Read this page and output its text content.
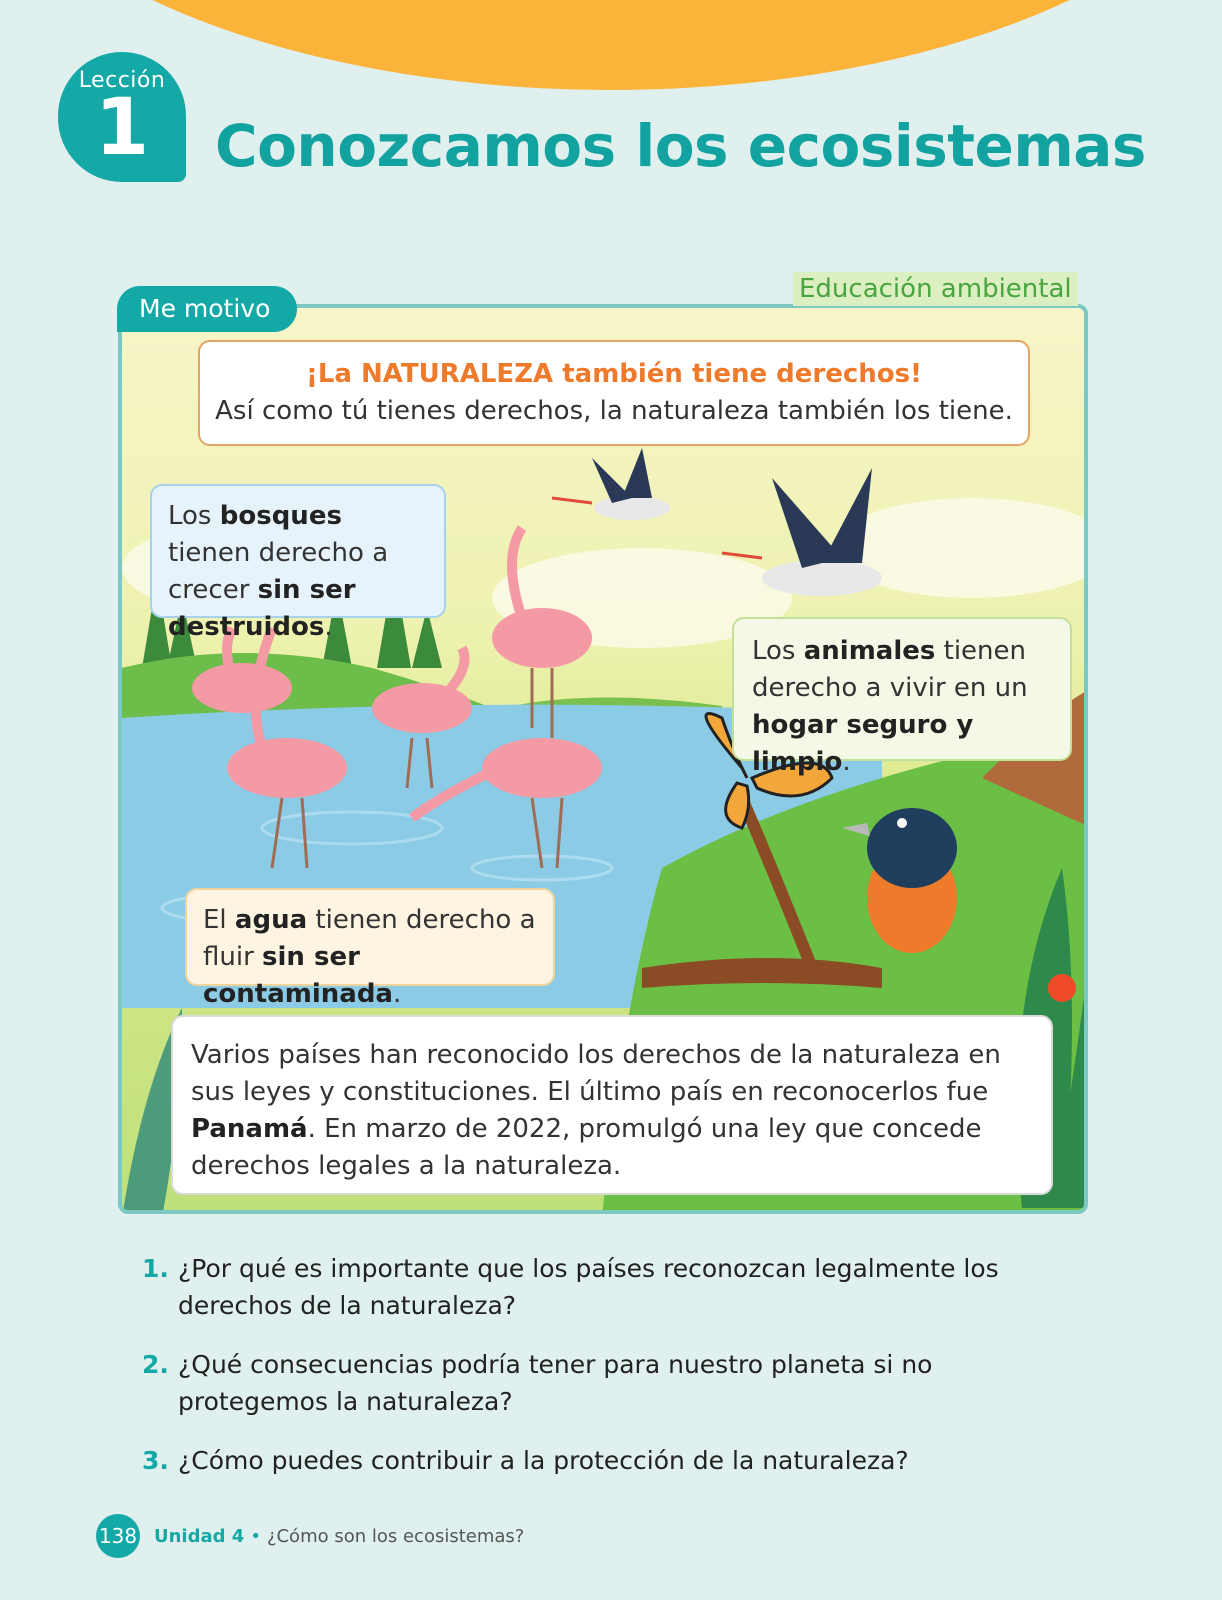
Lección
1	Conozcamos los ecosistemas
Me motivo
Educación ambiental
¡La NATURALEZA también tiene derechos!
Así como tú tienes derechos, la naturaleza también los tiene.
Los bosques tienen derecho a crecer sin ser destruidos.
Los animales tienen derecho a vivir en un hogar seguro y limpio.
El agua tienen derecho a fluir sin ser contaminada.
Varios países han reconocido los derechos de la naturaleza en sus leyes y constituciones. El último país en reconocerlos fue Panamá. En marzo de 2022, promulgó una ley que concede derechos legales a la naturaleza.
1. ¿Por qué es importante que los países reconozcan legalmente los derechos de la naturaleza?
2. ¿Qué consecuencias podría tener para nuestro planeta si no protegemos la naturaleza?
3. ¿Cómo puedes contribuir a la protección de la naturaleza?
138 Unidad 4 • ¿Cómo son los ecosistemas?
